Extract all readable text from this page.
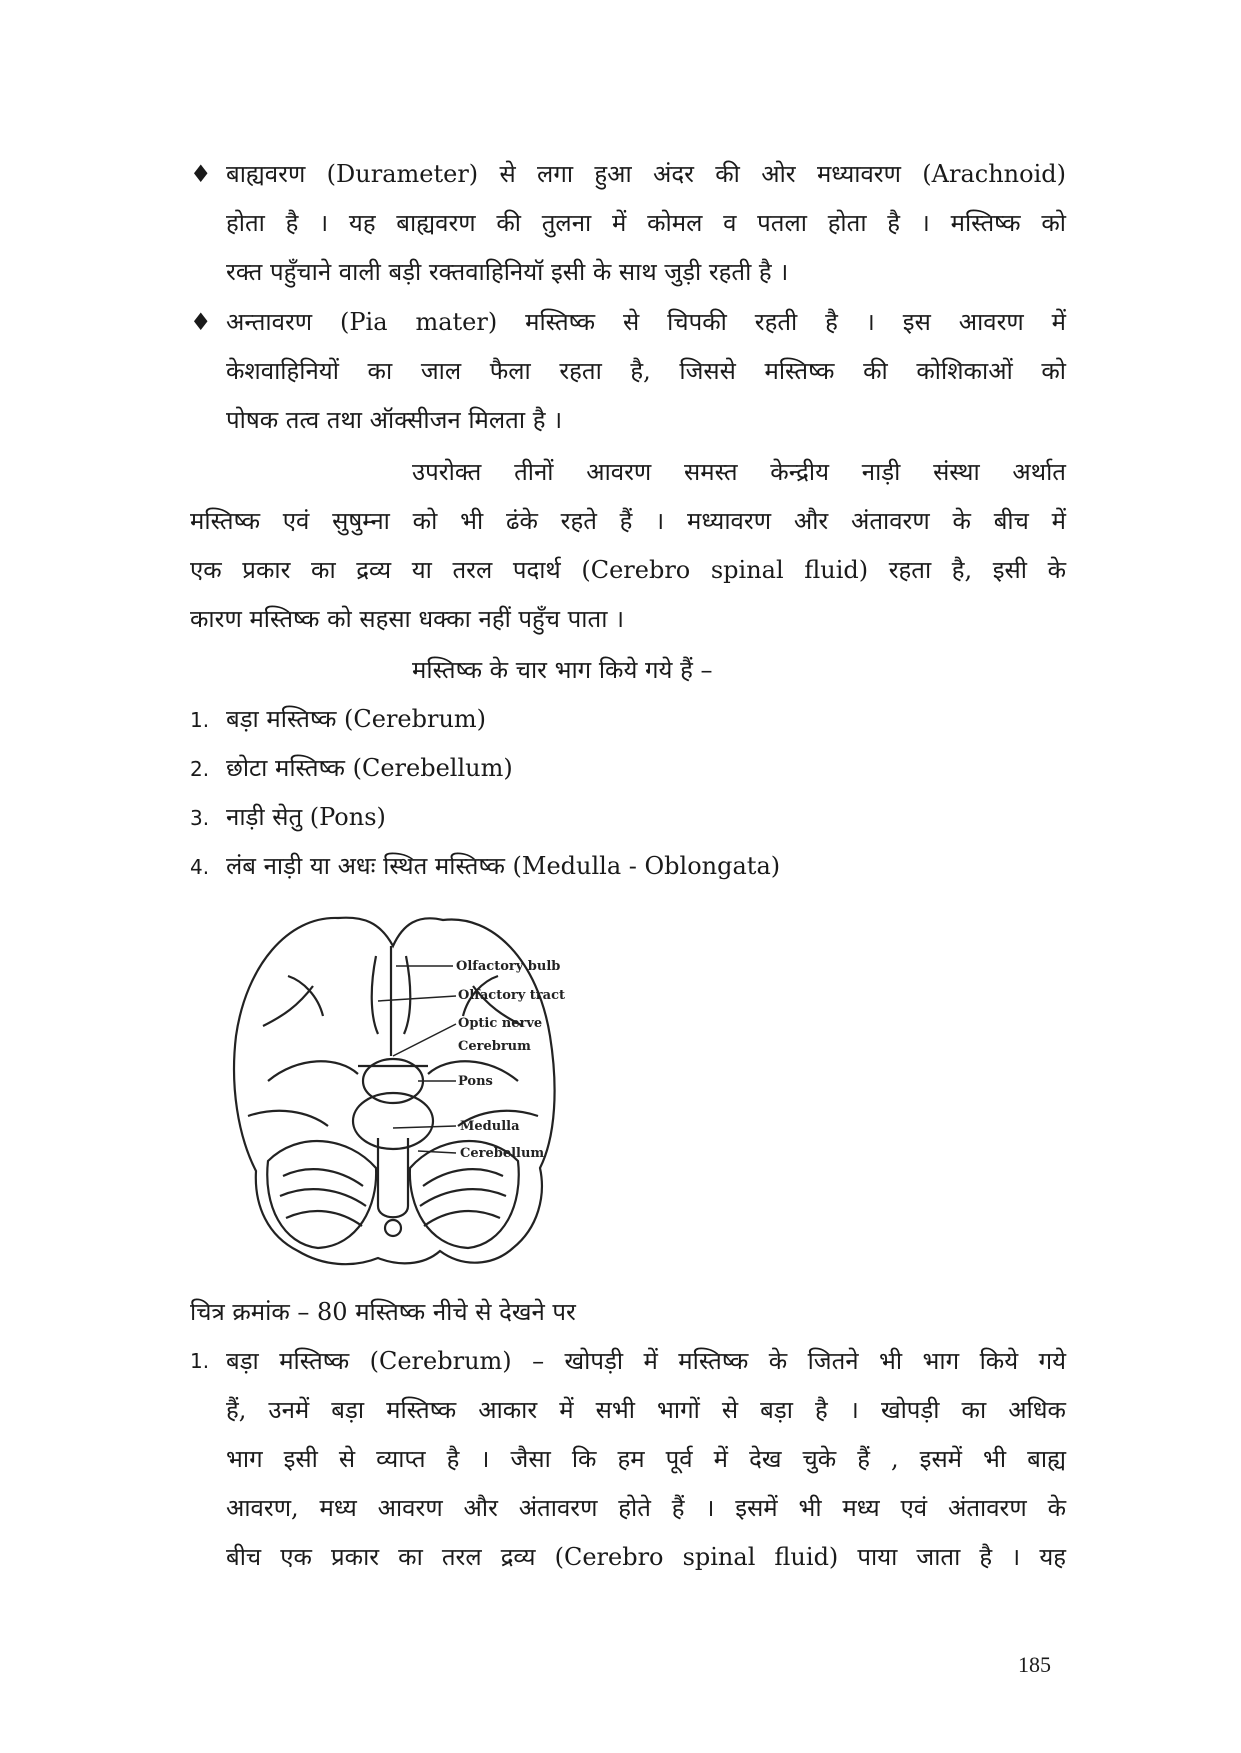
♦ बाह्यवरण (Durameter) से लगा हुआ अंदर की ओर मध्यावरण (Arachnoid)
होता है । यह बाह्यवरण की तुलना में कोमल व पतला होता है । मस्तिष्क को
रक्त पहुँचाने वाली बड़ी रक्तवाहिनियॉ इसी के साथ जुड़ी रहती है ।
♦ अन्तावरण (Pia mater) मस्तिष्क से चिपकी रहती है । इस आवरण में
केशवाहिनियों का जाल फैला रहता है, जिससे मस्तिष्क की कोशिकाओं को
पोषक तत्व तथा ऑक्सीजन मिलता है ।
उपरोक्त तीनों आवरण समस्त केन्द्रीय नाड़ी संस्था अर्थात
मस्तिष्क एवं सुषुम्ना को भी ढंके रहते हैं । मध्यावरण और अंतावरण के बीच में
एक प्रकार का द्रव्य या तरल पदार्थ (Cerebro spinal fluid) रहता है, इसी के
कारण मस्तिष्क को सहसा धक्का नहीं पहुँच पाता ।
मस्तिष्क के चार भाग किये गये हैं –
1. बड़ा मस्तिष्क (Cerebrum)
2. छोटा मस्तिष्क (Cerebellum)
3. नाड़ी सेतु (Pons)
4. लंब नाड़ी या अधः स्थित मस्तिष्क (Medulla - Oblongata)
Olfactory bulb
Olfactory tract
Optic nerve
Cerebrum
Pons
Medulla
Cerebellum
चित्र क्रमांक – 80 मस्तिष्क नीचे से देखने पर
1. बड़ा मस्तिष्क (Cerebrum) – खोपड़ी में मस्तिष्क के जितने भी भाग किये गये
हैं, उनमें बड़ा मस्तिष्क आकार में सभी भागों से बड़ा है । खोपड़ी का अधिक
भाग इसी से व्याप्त है । जैसा कि हम पूर्व में देख चुके हैं , इसमें भी बाह्य
आवरण, मध्य आवरण और अंतावरण होते हैं । इसमें भी मध्य एवं अंतावरण के
बीच एक प्रकार का तरल द्रव्य (Cerebro spinal fluid) पाया जाता है । यह
185
